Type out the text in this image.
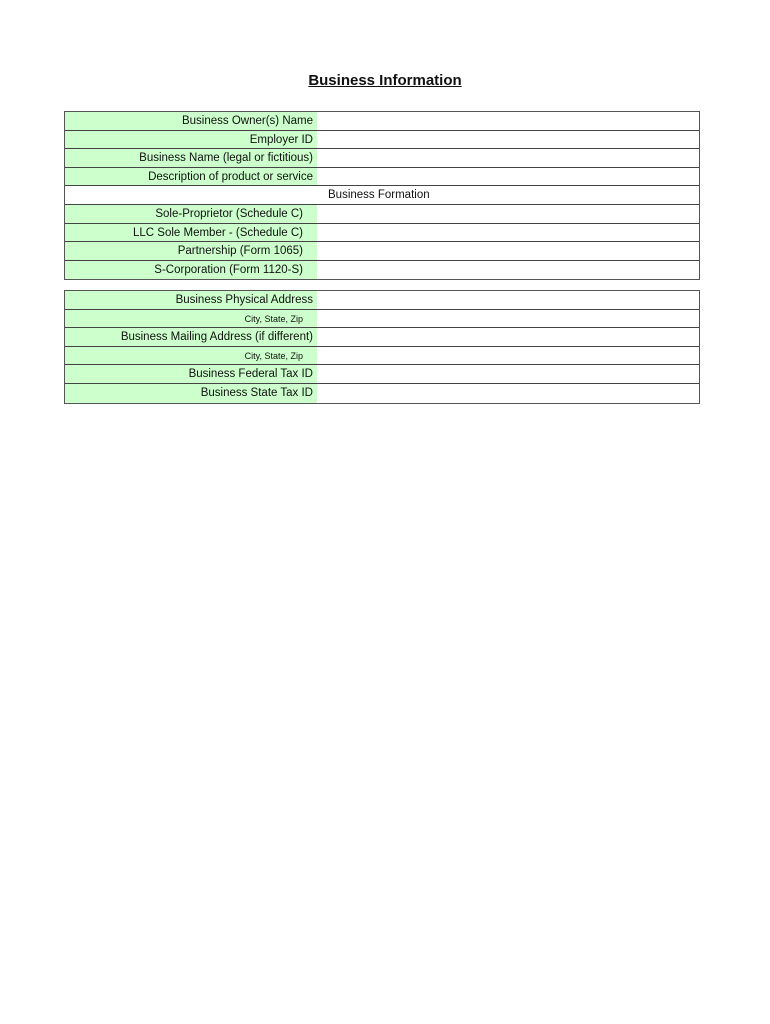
Business Information
Business Owner(s) Name
Employer ID
Business Name (legal or fictitious)
Description of product or service
Business Formation
Sole-Proprietor (Schedule C)
LLC Sole Member - (Schedule C)
Partnership (Form 1065)
S-Corporation (Form 1120-S)
Business Physical Address
City, State, Zip
Business Mailing Address (if different)
City, State, Zip
Business Federal Tax ID
Business State Tax ID
